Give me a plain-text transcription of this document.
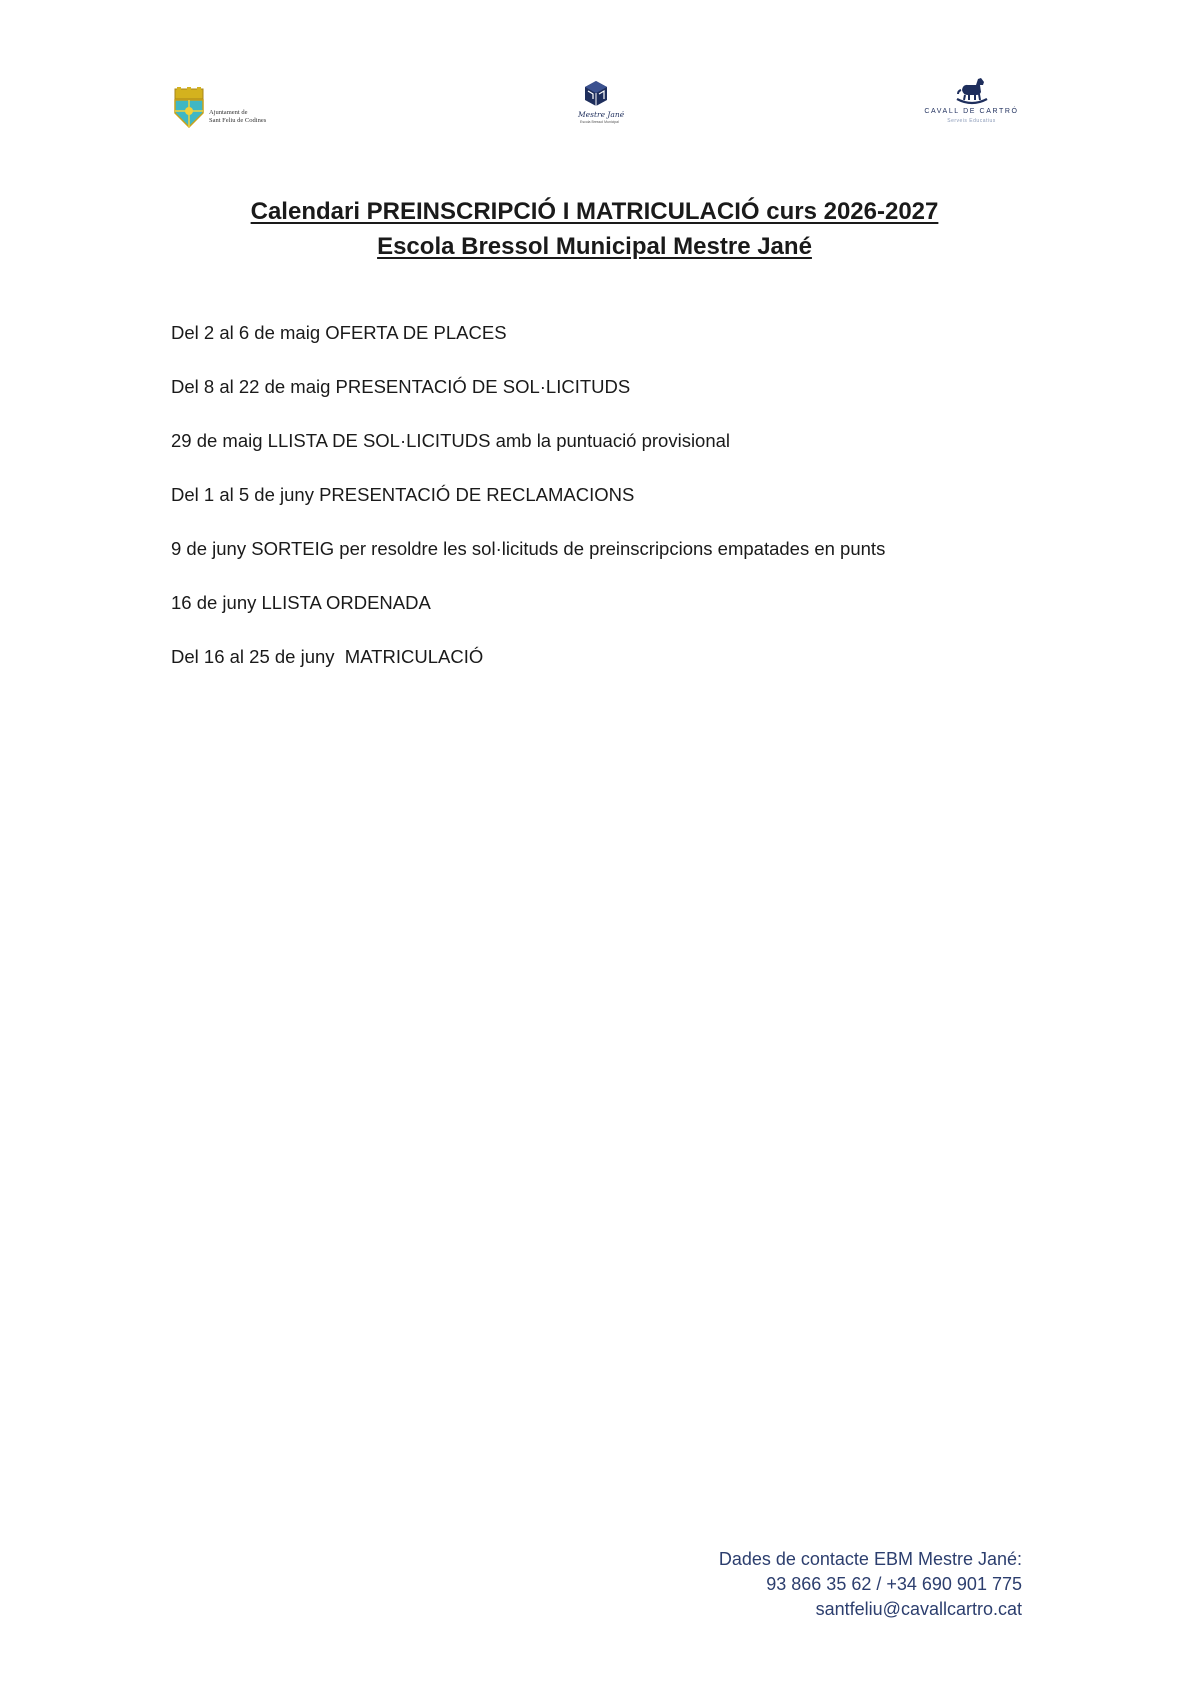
Ajuntament de
Sant Feliu de Codines
Mestre Jané
Escola Bressol Municipal
CAVALL DE CARTRÓ
Serveis Educatius
Calendari PREINSCRIPCIÓ I MATRICULACIÓ curs 2026-2027
Escola Bressol Municipal Mestre Jané
Del 2 al 6 de maig OFERTA DE PLACES
Del 8 al 22 de maig PRESENTACIÓ DE SOL·LICITUDS
29 de maig LLISTA DE SOL·LICITUDS amb la puntuació provisional
Del 1 al 5 de juny PRESENTACIÓ DE RECLAMACIONS
9 de juny SORTEIG per resoldre les sol·licituds de preinscripcions empatades en punts
16 de juny LLISTA ORDENADA
Del 16 al 25 de juny  MATRICULACIÓ
Dades de contacte EBM Mestre Jané:
93 866 35 62 / +34 690 901 775
santfeliu@cavallcartro.cat
